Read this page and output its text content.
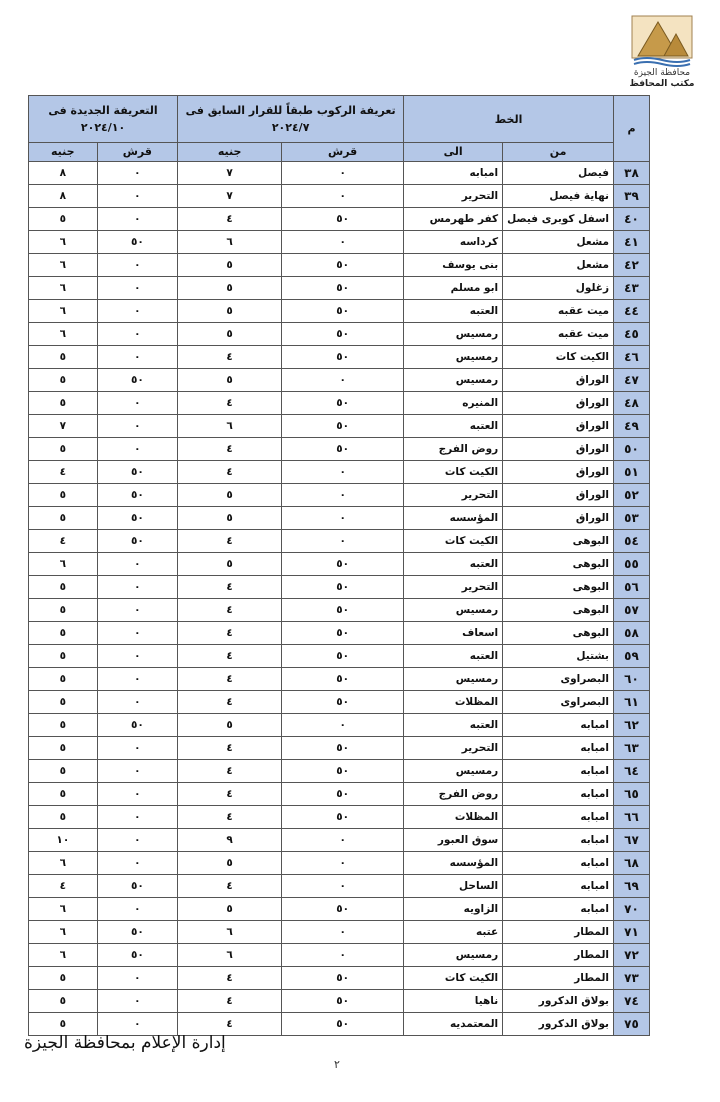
محافظة الجيزة
مكتب المحافظ
م	الخط		تعريفة الركوب طبقاً للقرار السابق فى ٢٠٢٤/٧		التعريفة الجديدة فى ٢٠٢٤/١٠	
	من	الى	قرش	جنيه	قرش	جنيه
٣٨	فيصل	امبابه	٠	٧	٠	٨
٣٩	نهاية فيصل	التحرير	٠	٧	٠	٨
٤٠	اسفل كوبرى فيصل	كفر طهرمس	٥٠	٤	٠	٥
٤١	مشعل	كرداسه	٠	٦	٥٠	٦
٤٢	مشعل	بنى يوسف	٥٠	٥	٠	٦
٤٣	زغلول	ابو مسلم	٥٠	٥	٠	٦
٤٤	ميت عقبه	العتبه	٥٠	٥	٠	٦
٤٥	ميت عقبه	رمسيس	٥٠	٥	٠	٦
٤٦	الكيت كات	رمسيس	٥٠	٤	٠	٥
٤٧	الوراق	رمسيس	٠	٥	٥٠	٥
٤٨	الوراق	المنيره	٥٠	٤	٠	٥
٤٩	الوراق	العتبه	٥٠	٦	٠	٧
٥٠	الوراق	روض الفرج	٥٠	٤	٠	٥
٥١	الوراق	الكيت كات	٠	٤	٥٠	٤
٥٢	الوراق	التحرير	٠	٥	٥٠	٥
٥٣	الوراق	المؤسسه	٠	٥	٥٠	٥
٥٤	البوهى	الكيت كات	٠	٤	٥٠	٤
٥٥	البوهى	العتبه	٥٠	٥	٠	٦
٥٦	البوهى	التحرير	٥٠	٤	٠	٥
٥٧	البوهى	رمسيس	٥٠	٤	٠	٥
٥٨	البوهى	اسعاف	٥٠	٤	٠	٥
٥٩	بشتيل	العتبه	٥٠	٤	٠	٥
٦٠	البصراوى	رمسيس	٥٠	٤	٠	٥
٦١	البصراوى	المظلات	٥٠	٤	٠	٥
٦٢	امبابه	العتبه	٠	٥	٥٠	٥
٦٣	امبابه	التحرير	٥٠	٤	٠	٥
٦٤	امبابه	رمسيس	٥٠	٤	٠	٥
٦٥	امبابه	روض الفرج	٥٠	٤	٠	٥
٦٦	امبابه	المظلات	٥٠	٤	٠	٥
٦٧	امبابه	سوق العبور	٠	٩	٠	١٠
٦٨	امبابه	المؤسسه	٠	٥	٠	٦
٦٩	امبابه	الساحل	٠	٤	٥٠	٤
٧٠	امبابه	الزاويه	٥٠	٥	٠	٦
٧١	المطار	عتبه	٠	٦	٥٠	٦
٧٢	المطار	رمسيس	٠	٦	٥٠	٦
٧٣	المطار	الكيت كات	٥٠	٤	٠	٥
٧٤	بولاق الدكرور	ناهيا	٥٠	٤	٠	٥
٧٥	بولاق الدكرور	المعتمديه	٥٠	٤	٠	٥
إدارة الإعلام بمحافظة الجيزة
٢
